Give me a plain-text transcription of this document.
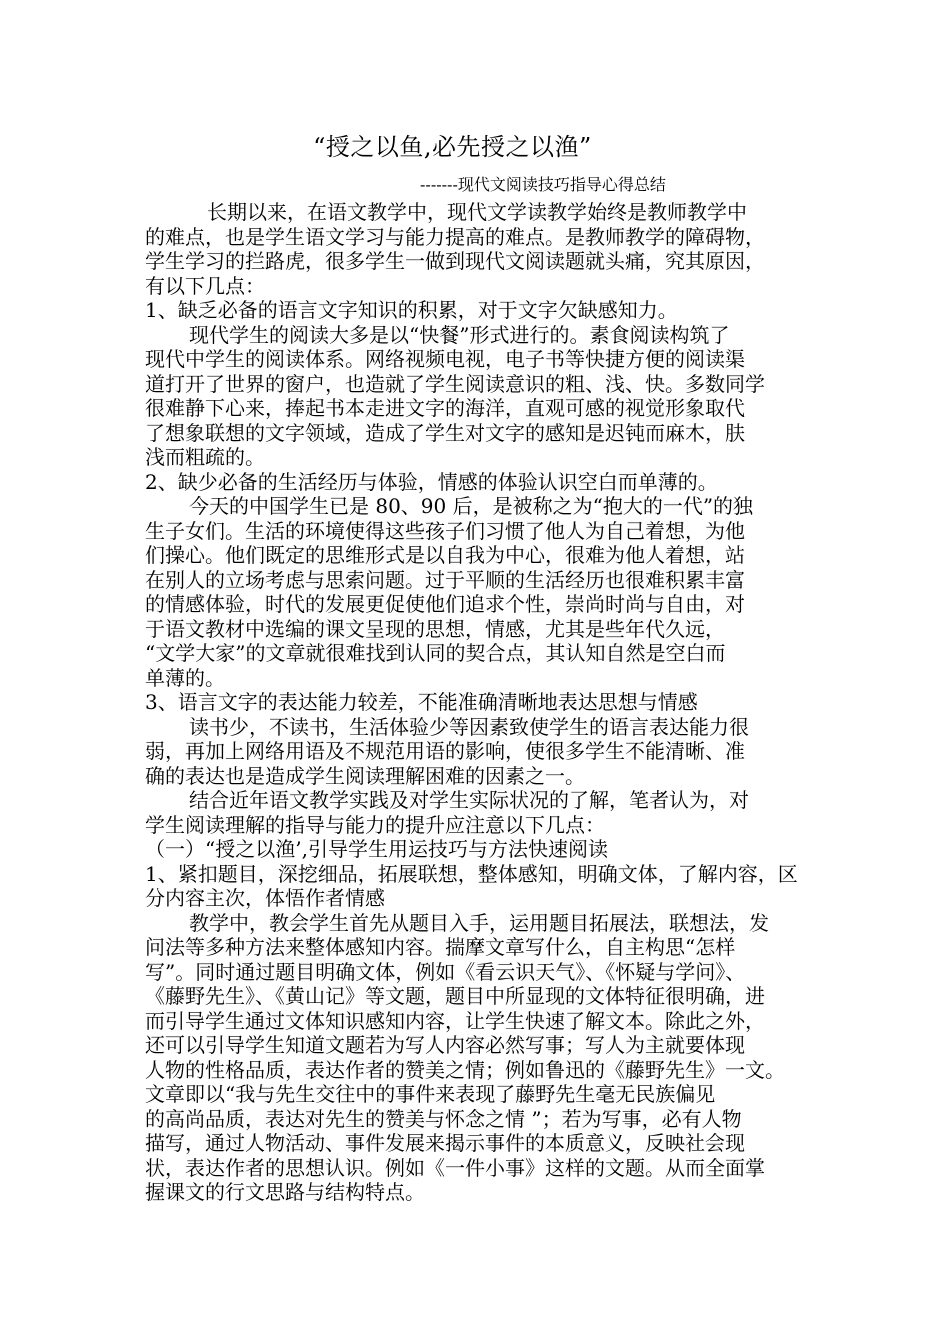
“授之以鱼,必先授之以渔”
-------现代文阅读技巧指导心得总结
长期以来，在语文教学中，现代文学读教学始终是教师教学中
的难点，也是学生语文学习与能力提高的难点。是教师教学的障碍物，
学生学习的拦路虎，很多学生一做到现代文阅读题就头痛，究其原因，
有以下几点：
1、缺乏必备的语言文字知识的积累，对于文字欠缺感知力。
现代学生的阅读大多是以“快餐”形式进行的。素食阅读构筑了
现代中学生的阅读体系。网络视频电视，电子书等快捷方便的阅读渠
道打开了世界的窗户，也造就了学生阅读意识的粗、浅、快。多数同学
很难静下心来，捧起书本走进文字的海洋，直观可感的视觉形象取代
了想象联想的文字领域，造成了学生对文字的感知是迟钝而麻木，肤
浅而粗疏的。
2、缺少必备的生活经历与体验，情感的体验认识空白而单薄的。
今天的中国学生已是 80、90 后，是被称之为“抱大的一代”的独
生子女们。生活的环境使得这些孩子们习惯了他人为自己着想，为他
们操心。他们既定的思维形式是以自我为中心，很难为他人着想，站
在别人的立场考虑与思索问题。过于平顺的生活经历也很难积累丰富
的情感体验，时代的发展更促使他们追求个性，崇尚时尚与自由，对
于语文教材中选编的课文呈现的思想，情感，尤其是些年代久远，
“文学大家”的文章就很难找到认同的契合点，其认知自然是空白而
单薄的。
3、语言文字的表达能力较差，不能准确清晰地表达思想与情感
读书少，不读书，生活体验少等因素致使学生的语言表达能力很
弱，再加上网络用语及不规范用语的影响，使很多学生不能清晰、准
确的表达也是造成学生阅读理解困难的因素之一。
结合近年语文教学实践及对学生实际状况的了解，笔者认为，对
学生阅读理解的指导与能力的提升应注意以下几点：
（一）“授之以渔’,引导学生用运技巧与方法快速阅读
1、紧扣题目，深挖细品，拓展联想，整体感知，明确文体，了解内容，区
分内容主次，体悟作者情感
教学中，教会学生首先从题目入手，运用题目拓展法，联想法，发
问法等多种方法来整体感知内容。揣摩文章写什么，自主构思“怎样
写”。同时通过题目明确文体，例如《看云识天气》、《怀疑与学问》、
《藤野先生》、《黄山记》等文题，题目中所显现的文体特征很明确，进
而引导学生通过文体知识感知内容，让学生快速了解文本。除此之外，
还可以引导学生知道文题若为写人内容必然写事；写人为主就要体现
人物的性格品质，表达作者的赞美之情；例如鲁迅的《藤野先生》一文。
文章即以“我与先生交往中的事件来表现了藤野先生毫无民族偏见
的高尚品质，表达对先生的赞美与怀念之情 ”；若为写事，必有人物
描写，通过人物活动、事件发展来揭示事件的本质意义，反映社会现
状，表达作者的思想认识。例如《一件小事》这样的文题。从而全面掌
握课文的行文思路与结构特点。
